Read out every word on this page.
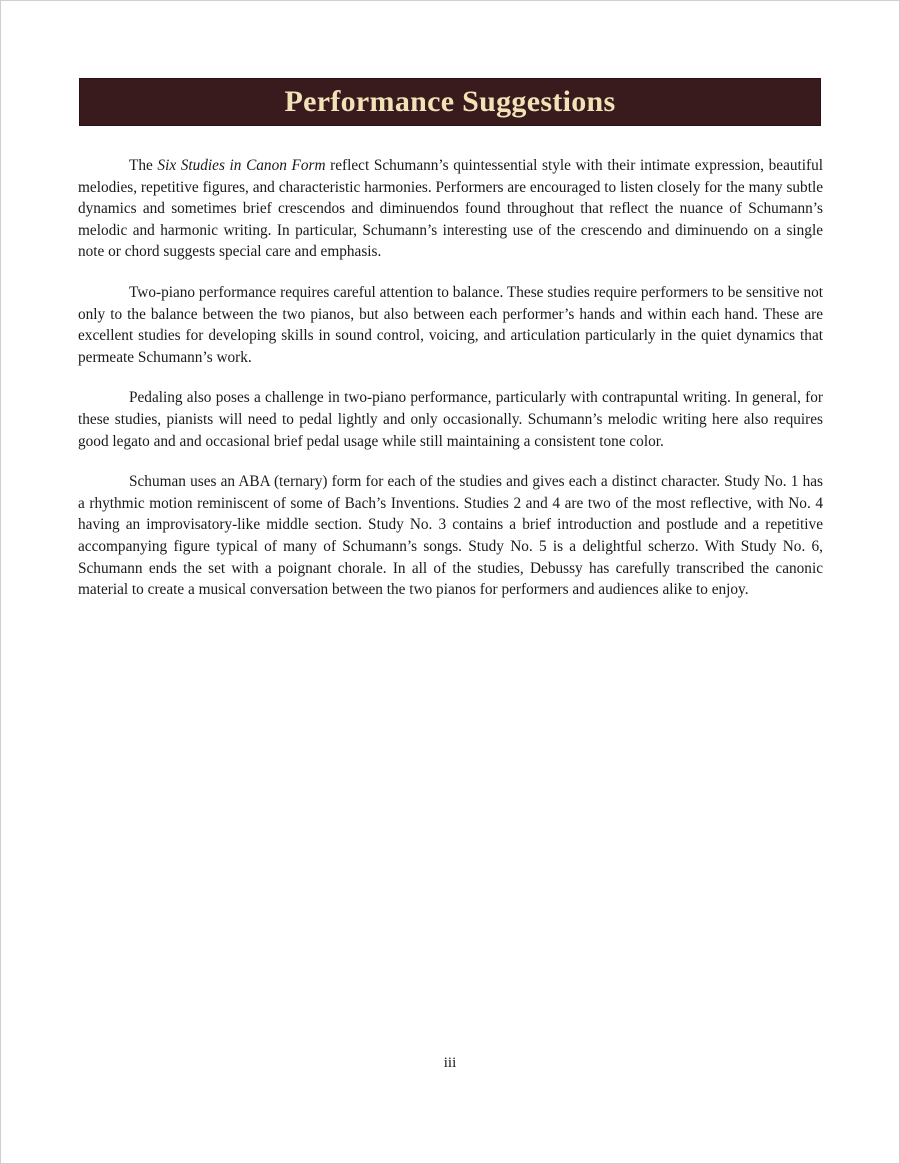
Performance Suggestions

The Six Studies in Canon Form reflect Schumann’s quintessential style with their intimate expression, beautiful melodies, repetitive figures, and characteristic harmonies. Performers are encouraged to listen closely for the many subtle dynamics and sometimes brief crescendos and diminuendos found throughout that reflect the nuance of Schumann’s melodic and harmonic writing. In particular, Schumann’s interesting use of the crescendo and diminuendo on a single note or chord suggests special care and emphasis.

Two-piano performance requires careful attention to balance. These studies require performers to be sensitive not only to the balance between the two pianos, but also between each performer’s hands and within each hand. These are excellent studies for developing skills in sound control, voicing, and articulation particularly in the quiet dynamics that permeate Schumann’s work.

Pedaling also poses a challenge in two-piano performance, particularly with contrapuntal writing. In general, for these studies, pianists will need to pedal lightly and only occasionally. Schumann’s melodic writing here also requires good legato and and occasional brief pedal usage while still maintaining a consistent tone color.

Schuman uses an ABA (ternary) form for each of the studies and gives each a distinct character. Study No. 1 has a rhythmic motion reminiscent of some of Bach’s Inventions. Studies 2 and 4 are two of the most reflective, with No. 4 having an improvisatory-like middle section. Study No. 3 contains a brief introduction and postlude and a repetitive accompanying figure typical of many of Schumann’s songs. Study No. 5 is a delightful scherzo. With Study No. 6, Schumann ends the set with a poignant chorale. In all of the studies, Debussy has carefully transcribed the canonic material to create a musical conversation between the two pianos for performers and audiences alike to enjoy.

iii
